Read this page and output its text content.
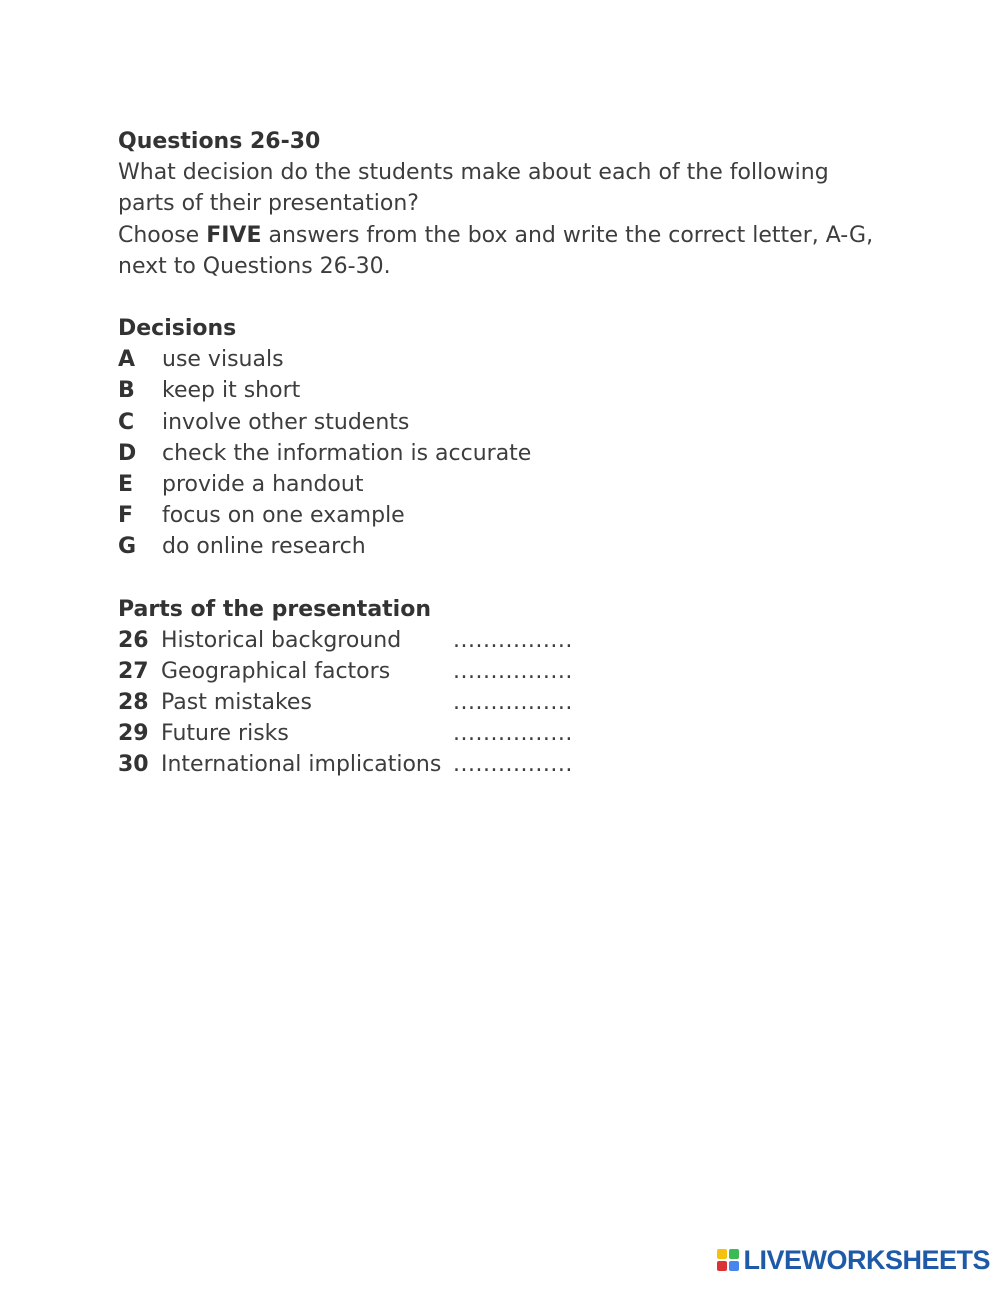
Questions 26-30

What decision do the students make about each of the following parts of their presentation?

Choose FIVE answers from the box and write the correct letter, A-G, next to Questions 26-30.

Decisions

A	use visuals
B	keep it short
C	involve other students
D	check the information is accurate
E	provide a handout
F	focus on one example
G	do online research

Parts of the presentation

26 Historical background	................
27 Geographical factors	................
28 Past mistakes	................
29 Future risks	................
30 International implications ................
LIVEWORKSHEETS
